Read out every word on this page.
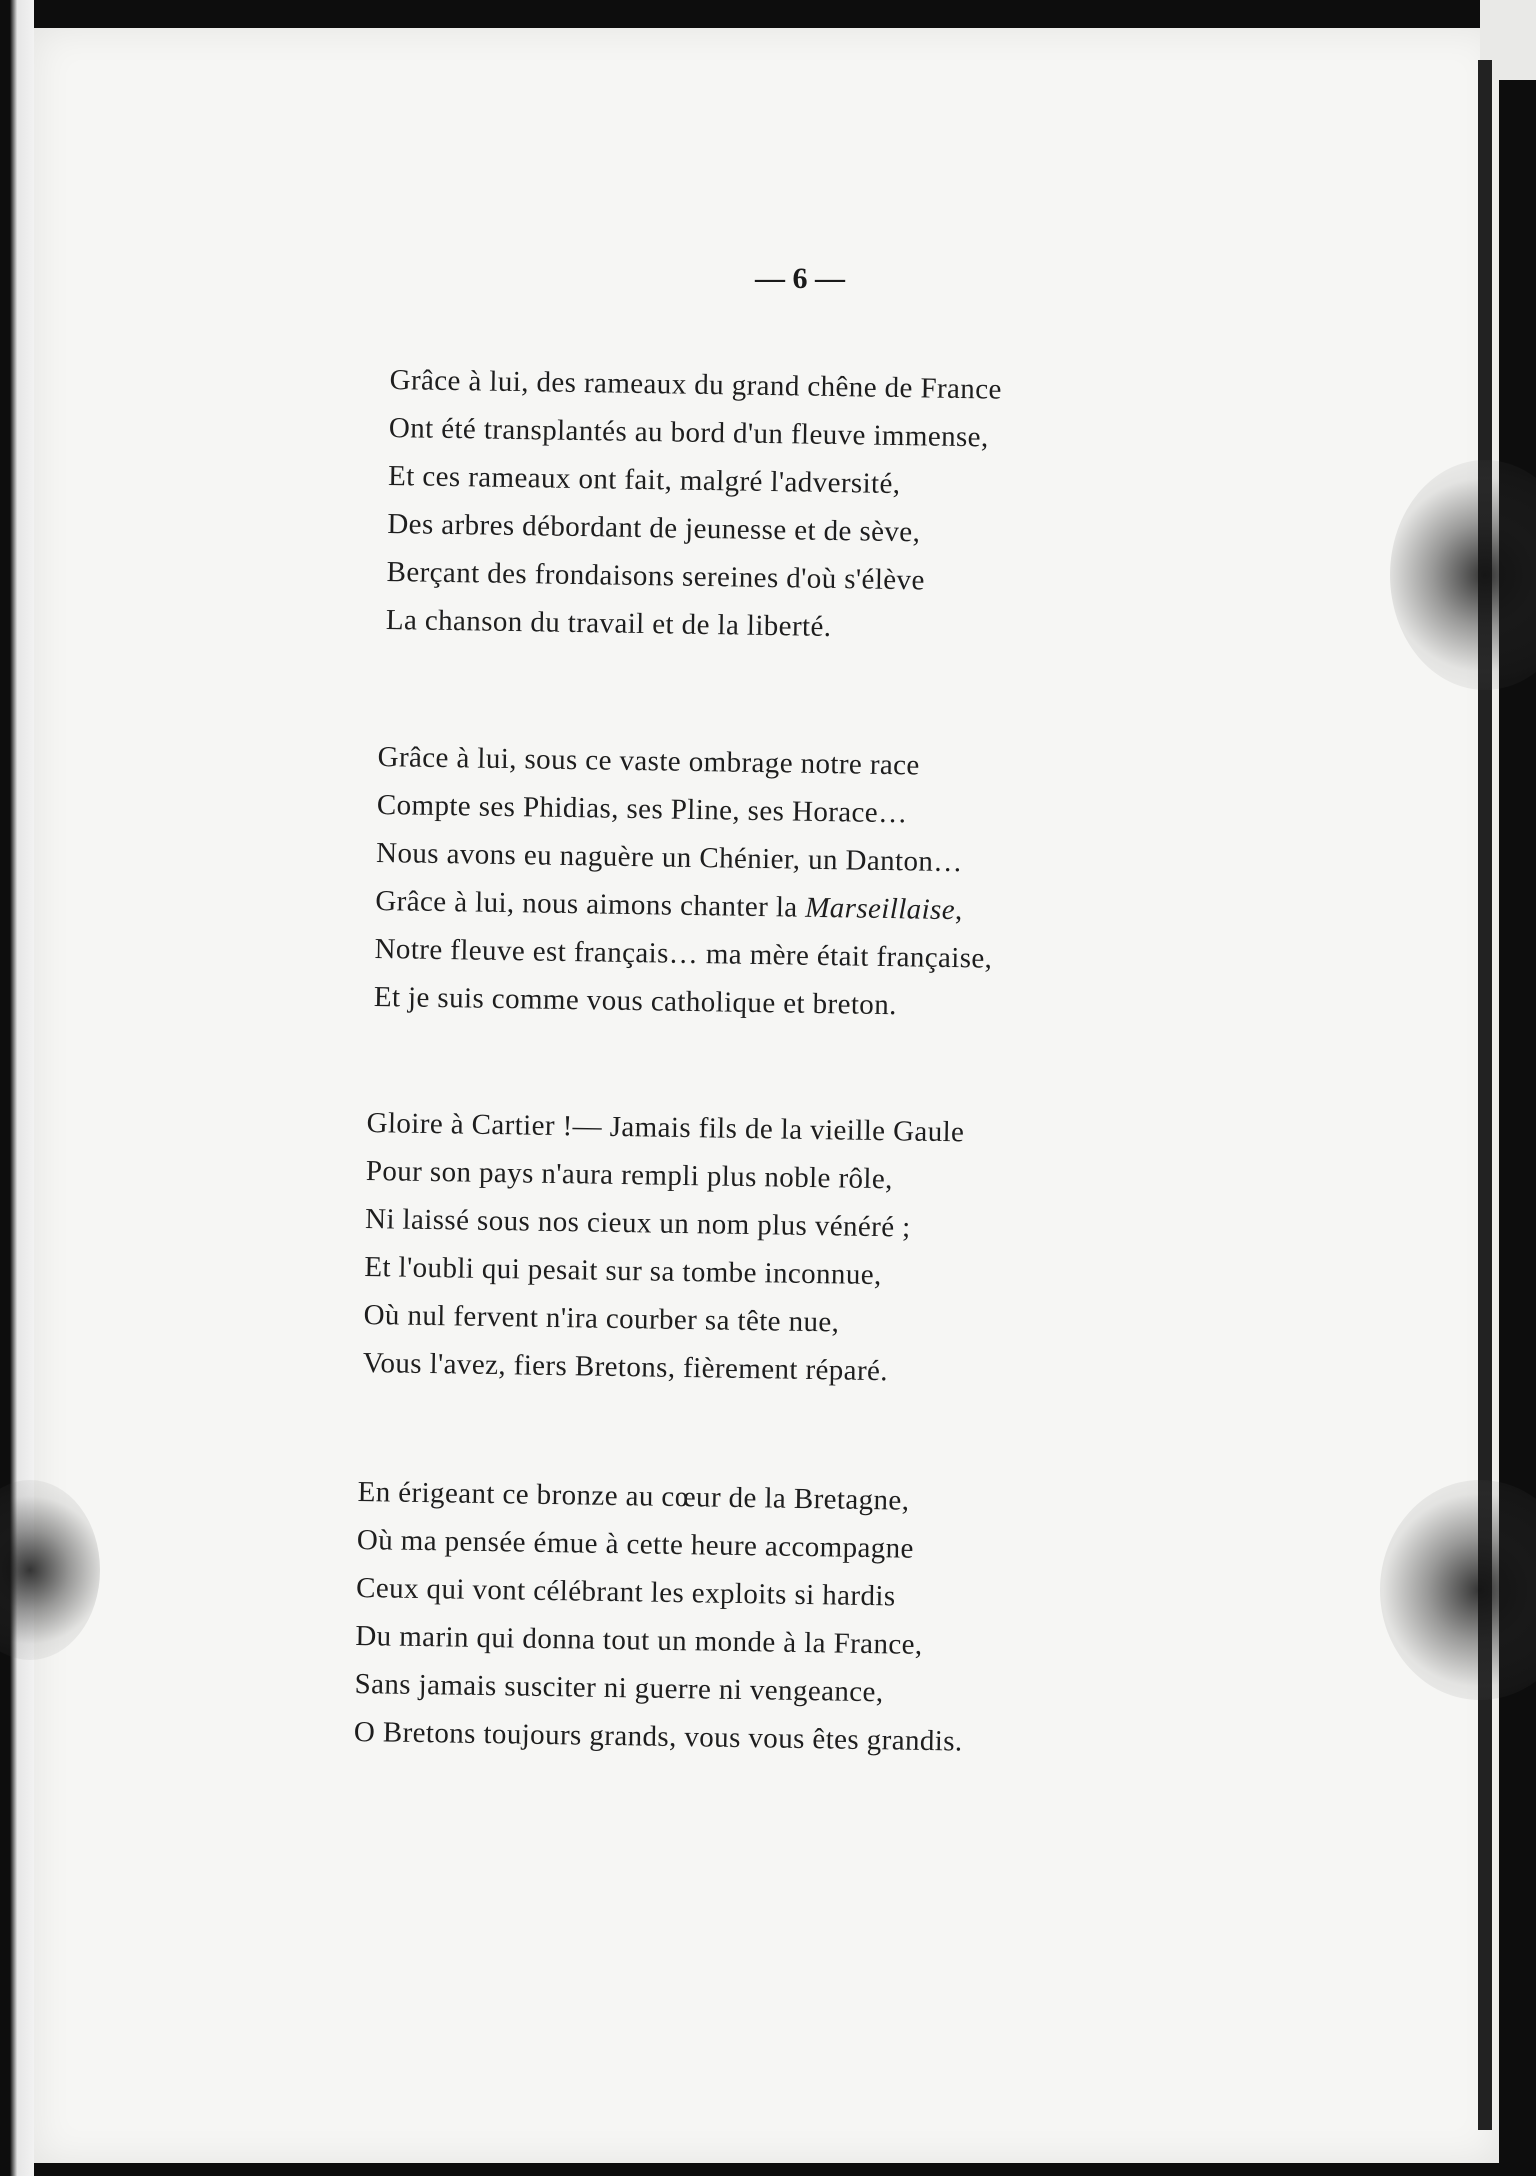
— 6 —
Grâce à lui, des rameaux du grand chêne de France
Ont été transplantés au bord d'un fleuve immense,
Et ces rameaux ont fait, malgré l'adversité,
Des arbres débordant de jeunesse et de sève,
Berçant des frondaisons sereines d'où s'élève
La chanson du travail et de la liberté.
Grâce à lui, sous ce vaste ombrage notre race
Compte ses Phidias, ses Pline, ses Horace…
Nous avons eu naguère un Chénier, un Danton…
Grâce à lui, nous aimons chanter la Marseillaise,
Notre fleuve est français… ma mère était française,
Et je suis comme vous catholique et breton.
Gloire à Cartier !— Jamais fils de la vieille Gaule
Pour son pays n'aura rempli plus noble rôle,
Ni laissé sous nos cieux un nom plus vénéré ;
Et l'oubli qui pesait sur sa tombe inconnue,
Où nul fervent n'ira courber sa tête nue,
Vous l'avez, fiers Bretons, fièrement réparé.
En érigeant ce bronze au cœur de la Bretagne,
Où ma pensée émue à cette heure accompagne
Ceux qui vont célébrant les exploits si hardis
Du marin qui donna tout un monde à la France,
Sans jamais susciter ni guerre ni vengeance,
O Bretons toujours grands, vous vous êtes grandis.
